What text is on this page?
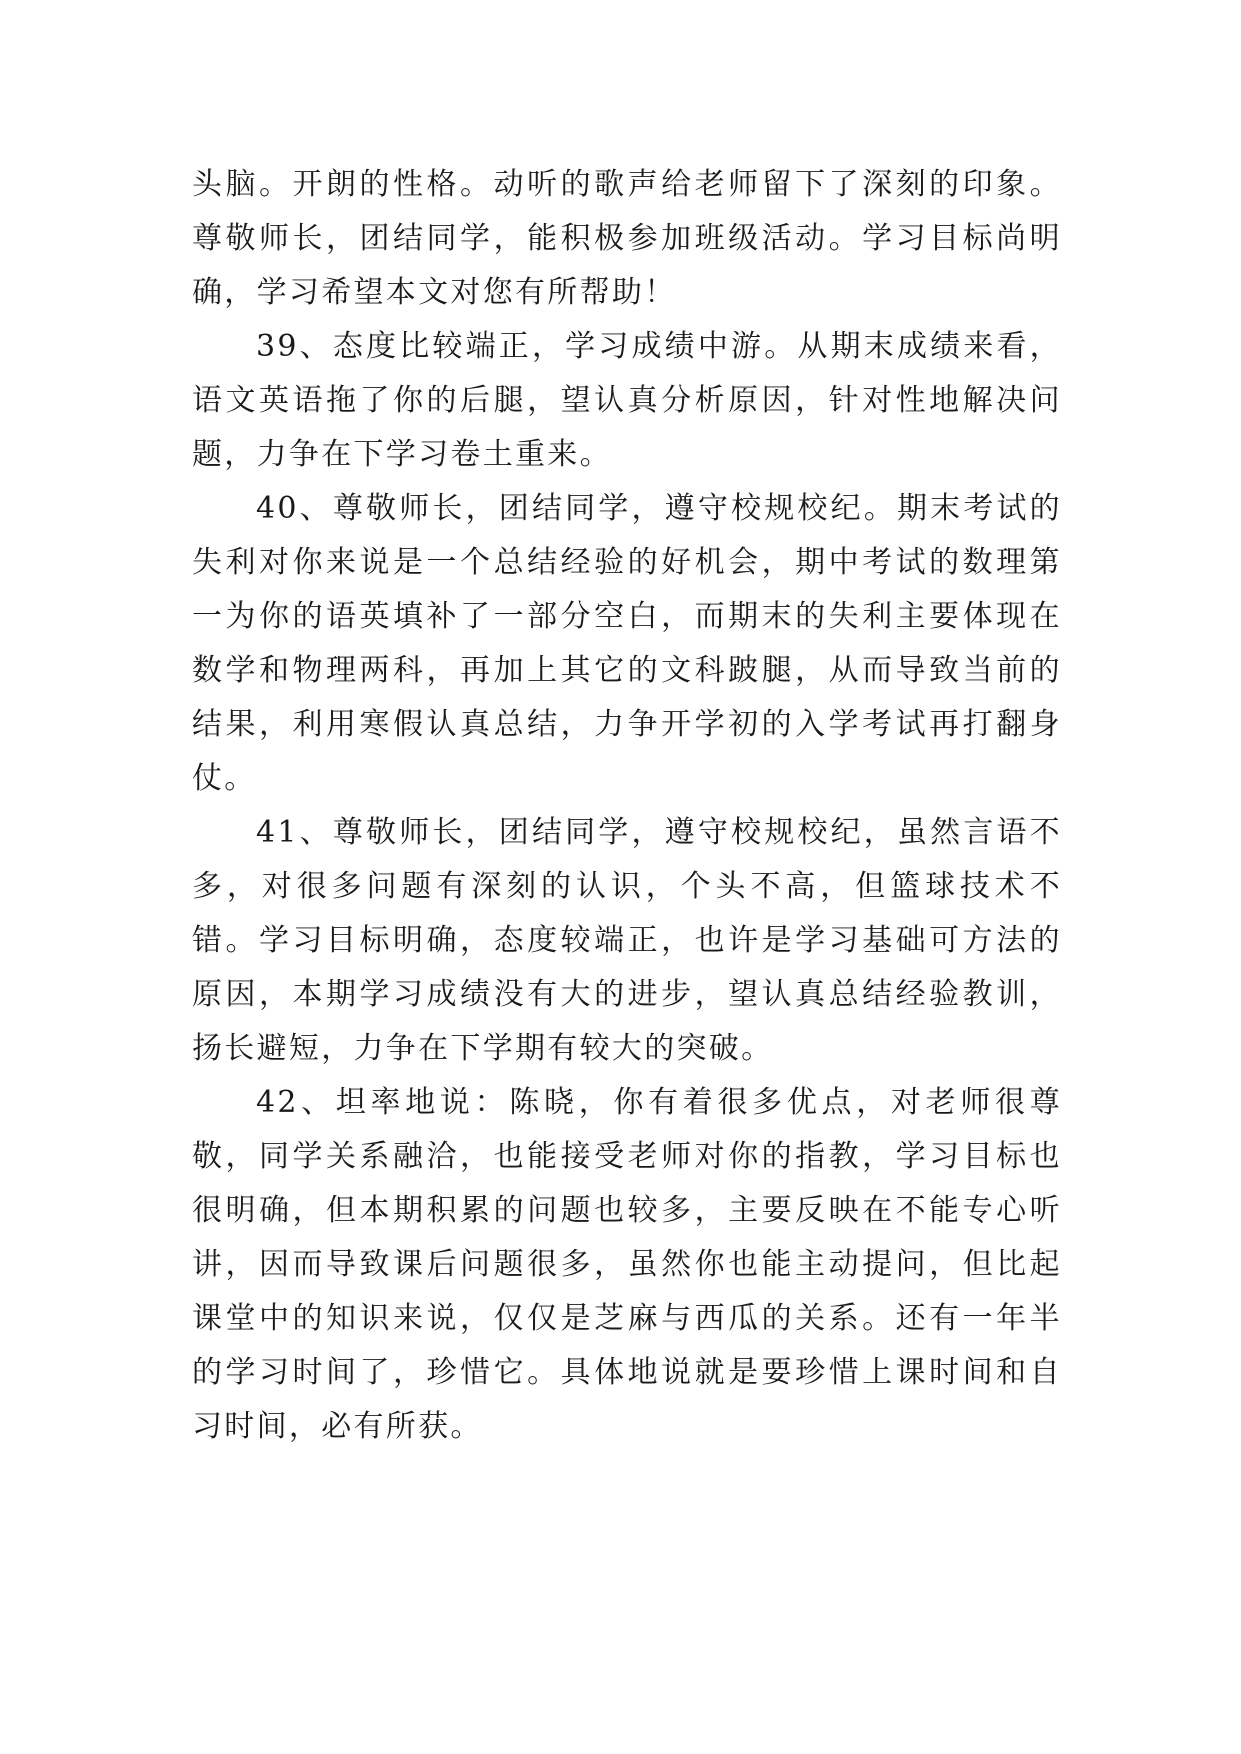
头脑。开朗的性格。动听的歌声给老师留下了深刻的印象。尊敬师长，团结同学，能积极参加班级活动。学习目标尚明确，学习希望本文对您有所帮助！

39、态度比较端正，学习成绩中游。从期末成绩来看，语文英语拖了你的后腿，望认真分析原因，针对性地解决问题，力争在下学习卷土重来。

40、尊敬师长，团结同学，遵守校规校纪。期末考试的失利对你来说是一个总结经验的好机会，期中考试的数理第一为你的语英填补了一部分空白，而期末的失利主要体现在数学和物理两科，再加上其它的文科跛腿，从而导致当前的结果，利用寒假认真总结，力争开学初的入学考试再打翻身仗。

41、尊敬师长，团结同学，遵守校规校纪，虽然言语不多，对很多问题有深刻的认识，个头不高，但篮球技术不错。学习目标明确，态度较端正，也许是学习基础可方法的原因，本期学习成绩没有大的进步，望认真总结经验教训，扬长避短，力争在下学期有较大的突破。

42、坦率地说：陈晓，你有着很多优点，对老师很尊敬，同学关系融洽，也能接受老师对你的指教，学习目标也很明确，但本期积累的问题也较多，主要反映在不能专心听讲，因而导致课后问题很多，虽然你也能主动提问，但比起课堂中的知识来说，仅仅是芝麻与西瓜的关系。还有一年半的学习时间了，珍惜它。具体地说就是要珍惜上课时间和自习时间，必有所获。
